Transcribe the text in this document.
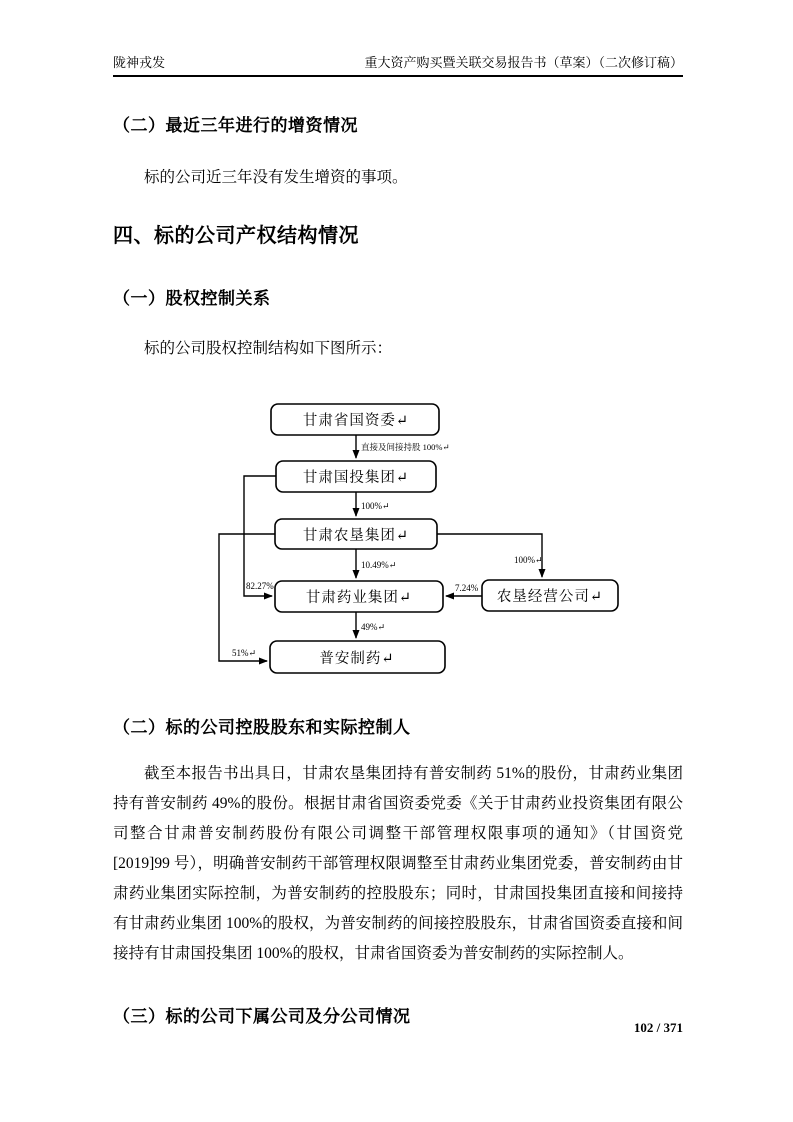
陇神戎发	重大资产购买暨关联交易报告书（草案）（二次修订稿）
（二）最近三年进行的增资情况

标的公司近三年没有发生增资的事项。

四、标的公司产权结构情况
（一）股权控制关系

标的公司股权控制结构如下图所示：

直接及间接持股 100%↵
100%↵
10.49%↵
49%↵
100%↵
7.24%
82.27%
51%↵
甘肃省国资委↵
甘肃国投集团↵
甘肃农垦集团↵
甘肃药业集团↵	农垦经营公司↵
普安制药↵
（二）标的公司控股股东和实际控制人

截至本报告书出具日，甘肃农垦集团持有普安制药 51%的股份，甘肃药业集团持有普安制药 49%的股份。根据甘肃省国资委党委《关于甘肃药业投资集团有限公司整合甘肃普安制药股份有限公司调整干部管理权限事项的通知》（甘国资党[2019]99 号），明确普安制药干部管理权限调整至甘肃药业集团党委，普安制药由甘肃药业集团实际控制，为普安制药的控股股东；同时，甘肃国投集团直接和间接持有甘肃药业集团 100%的股权，为普安制药的间接控股股东，甘肃省国资委直接和间接持有甘肃国投集团 100%的股权，甘肃省国资委为普安制药的实际控制人。

（三）标的公司下属公司及分公司情况
102 / 371
